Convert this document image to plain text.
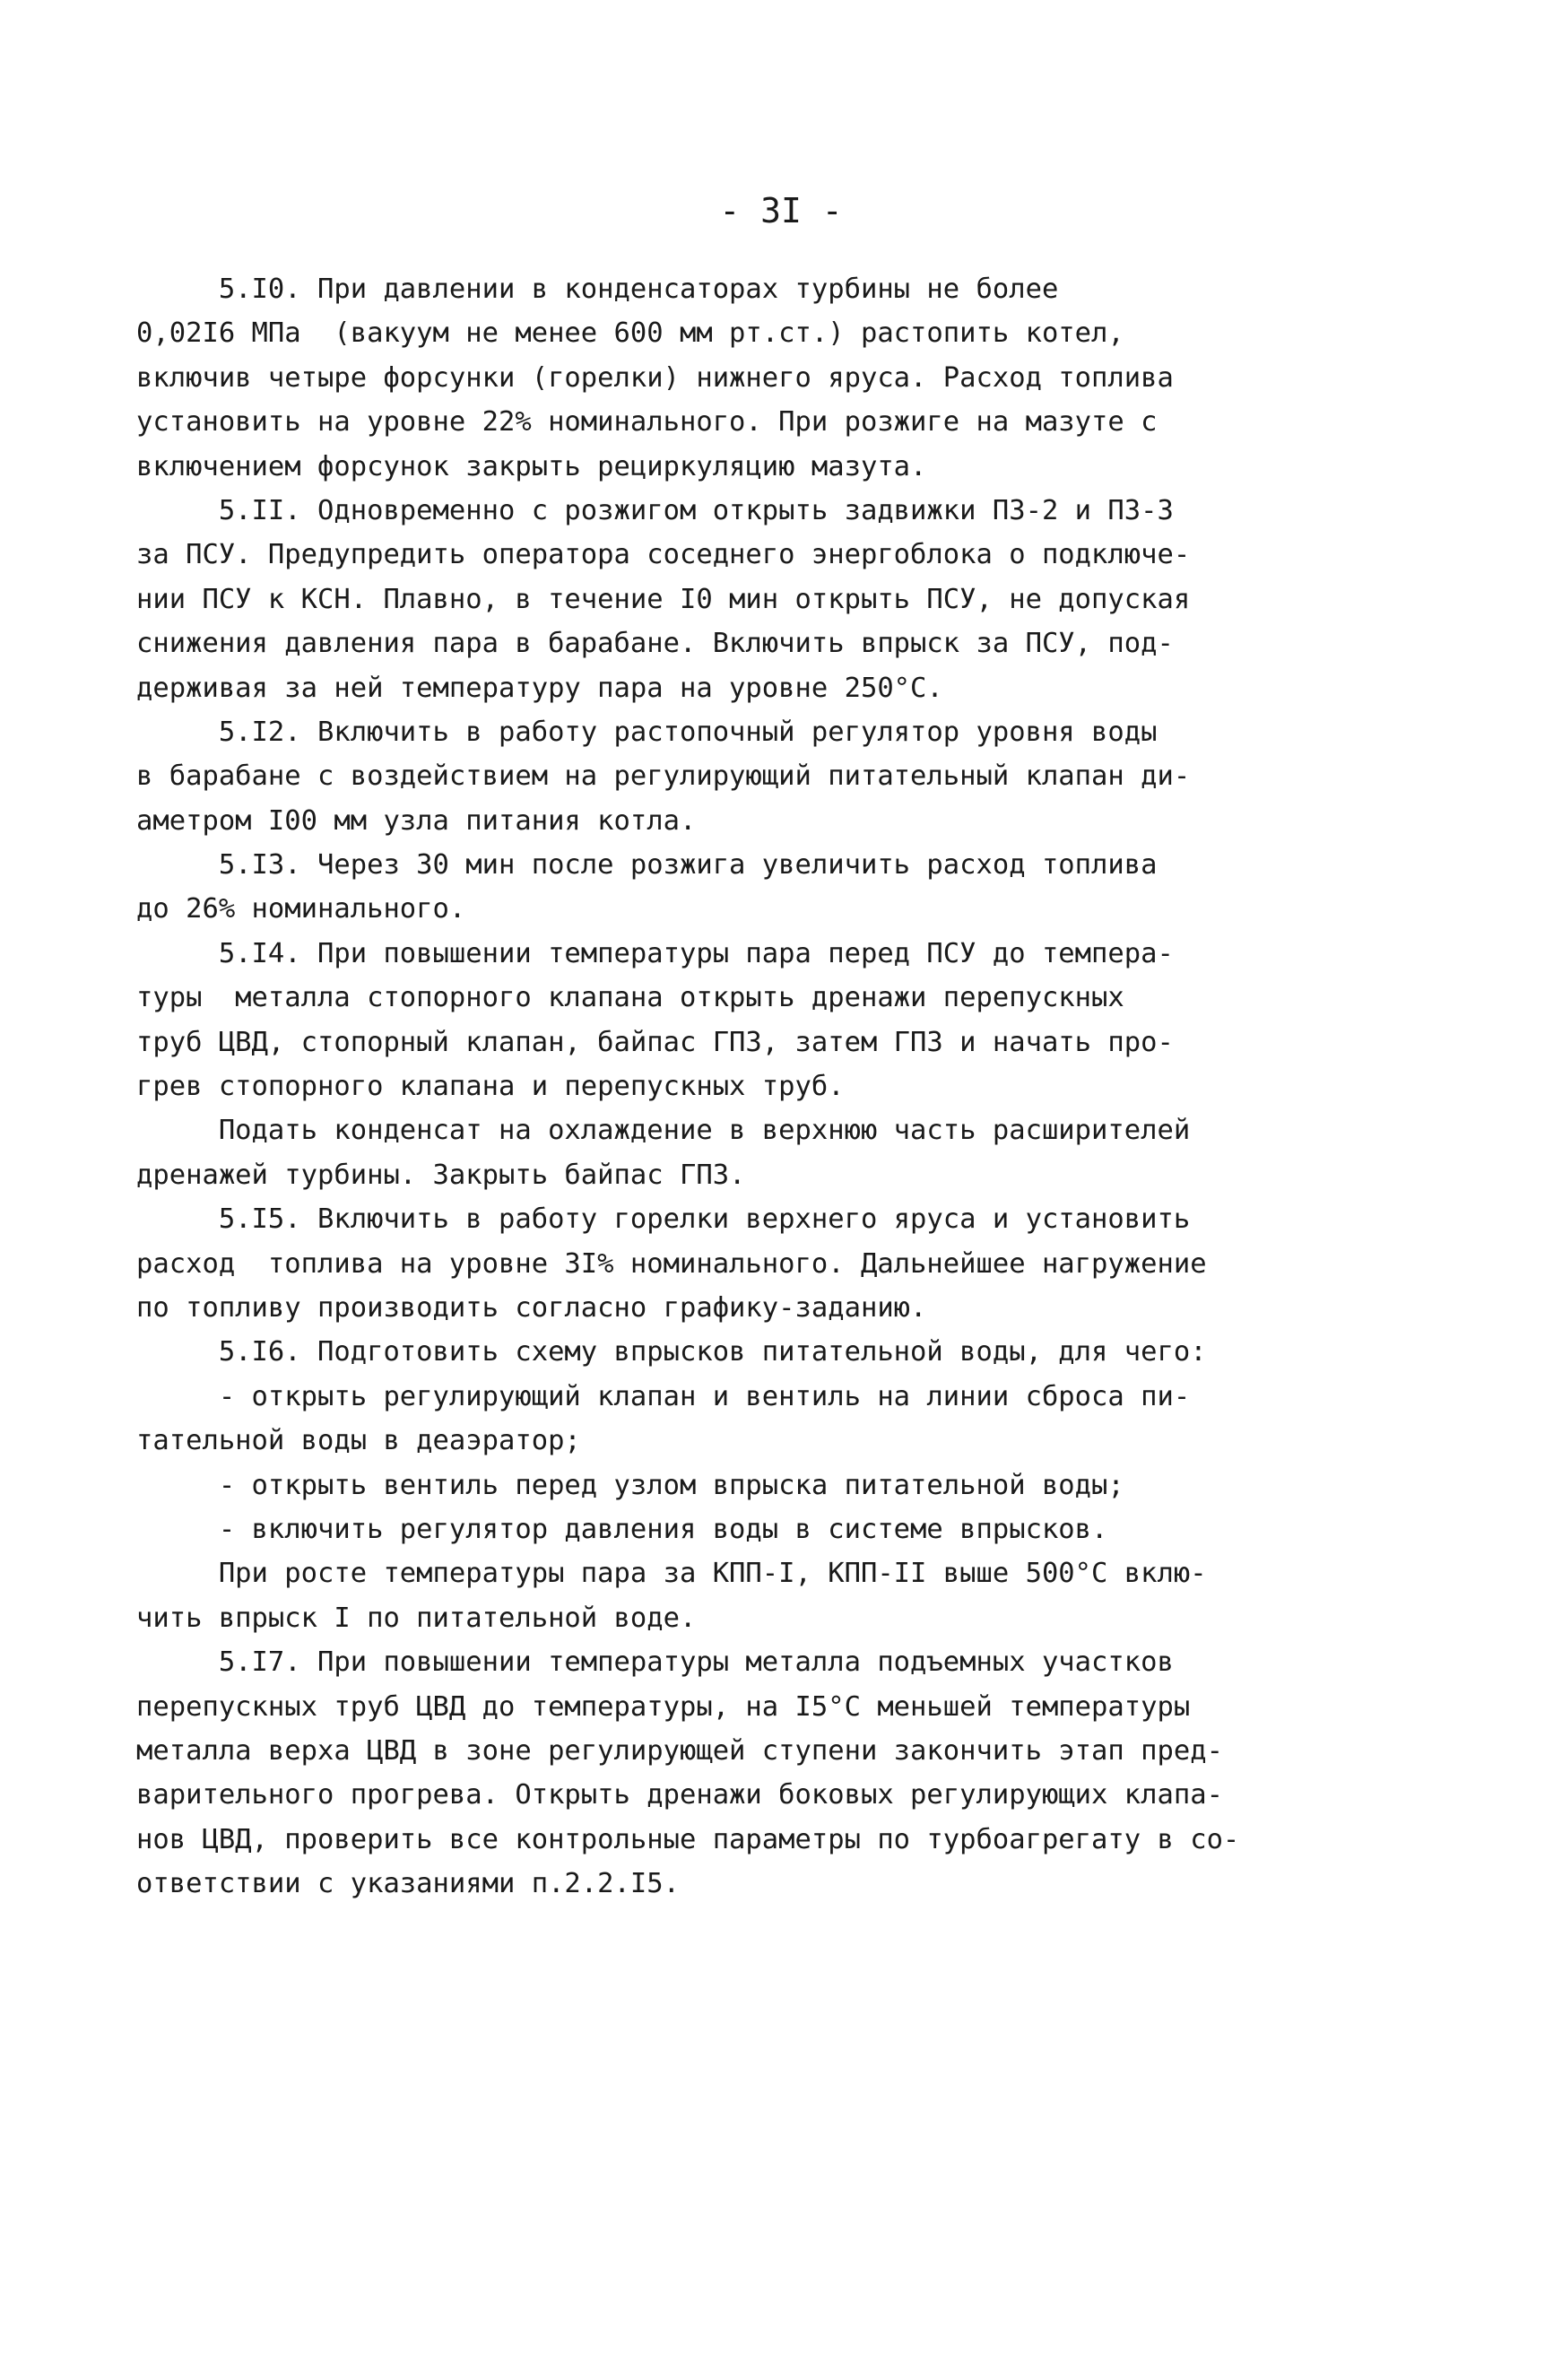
- 3I -
5.I0. При давлении в конденсаторах турбины не более
0,02I6 МПа  (вакуум не менее 600 мм рт.ст.) растопить котел,
включив четыре форсунки (горелки) нижнего яруса. Расход топлива
установить на уровне 22% номинального. При розжиге на мазуте с
включением форсунок закрыть рециркуляцию мазута.
5.II. Одновременно с розжигом открыть задвижки ПЗ-2 и ПЗ-3
за ПСУ. Предупредить оператора соседнего энергоблока о подключе-
нии ПСУ к КСН. Плавно, в течение I0 мин открыть ПСУ, не допуская
снижения давления пара в барабане. Включить впрыск за ПСУ, под-
держивая за ней температуру пара на уровне 250°С.
5.I2. Включить в работу растопочный регулятор уровня воды
в барабане с воздействием на регулирующий питательный клапан ди-
аметром I00 мм узла питания котла.
5.I3. Через 30 мин после розжига увеличить расход топлива
до 26% номинального.
5.I4. При повышении температуры пара перед ПСУ до темпера-
туры  металла стопорного клапана открыть дренажи перепускных
труб ЦВД, стопорный клапан, байпас ГПЗ, затем ГПЗ и начать про-
грев стопорного клапана и перепускных труб.
Подать конденсат на охлаждение в верхнюю часть расширителей
дренажей турбины. Закрыть байпас ГПЗ.
5.I5. Включить в работу горелки верхнего яруса и установить
расход  топлива на уровне 3I% номинального. Дальнейшее нагружение
по топливу производить согласно графику-заданию.
5.I6. Подготовить схему впрысков питательной воды, для чего:
- открыть регулирующий клапан и вентиль на линии сброса пи-
тательной воды в деаэратор;
- открыть вентиль перед узлом впрыска питательной воды;
- включить регулятор давления воды в системе впрысков.
При росте температуры пара за КПП-I, КПП-II выше 500°С вклю-
чить впрыск I по питательной воде.
5.I7. При повышении температуры металла подъемных участков
перепускных труб ЦВД до температуры, на I5°С меньшей температуры
металла верха ЦВД в зоне регулирующей ступени закончить этап пред-
варительного прогрева. Открыть дренажи боковых регулирующих клапа-
нов ЦВД, проверить все контрольные параметры по турбоагрегату в со-
ответствии с указаниями п.2.2.I5.
